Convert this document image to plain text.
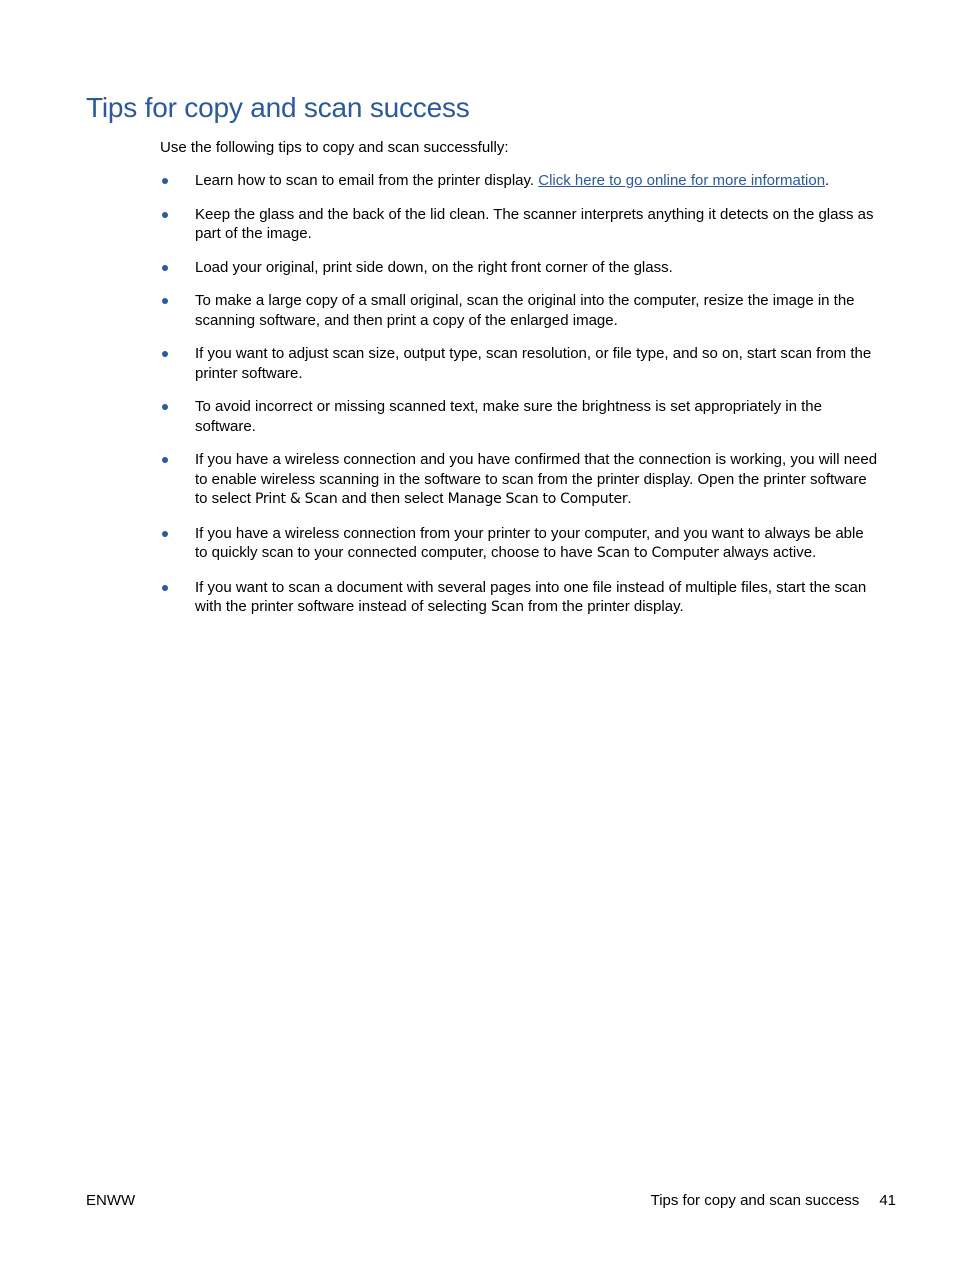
Tips for copy and scan success

Use the following tips to copy and scan successfully:

Learn how to scan to email from the printer display. Click here to go online for more information.
Keep the glass and the back of the lid clean. The scanner interprets anything it detects on the glass as part of the image.
Load your original, print side down, on the right front corner of the glass.
To make a large copy of a small original, scan the original into the computer, resize the image in the scanning software, and then print a copy of the enlarged image.
If you want to adjust scan size, output type, scan resolution, or file type, and so on, start scan from the printer software.
To avoid incorrect or missing scanned text, make sure the brightness is set appropriately in the software.
If you have a wireless connection and you have confirmed that the connection is working, you will need to enable wireless scanning in the software to scan from the printer display. Open the printer software to select Print & Scan and then select Manage Scan to Computer.
If you have a wireless connection from your printer to your computer, and you want to always be able to quickly scan to your connected computer, choose to have Scan to Computer always active.
If you want to scan a document with several pages into one file instead of multiple files, start the scan with the printer software instead of selecting Scan from the printer display.
ENWW	Tips for copy and scan success 41
